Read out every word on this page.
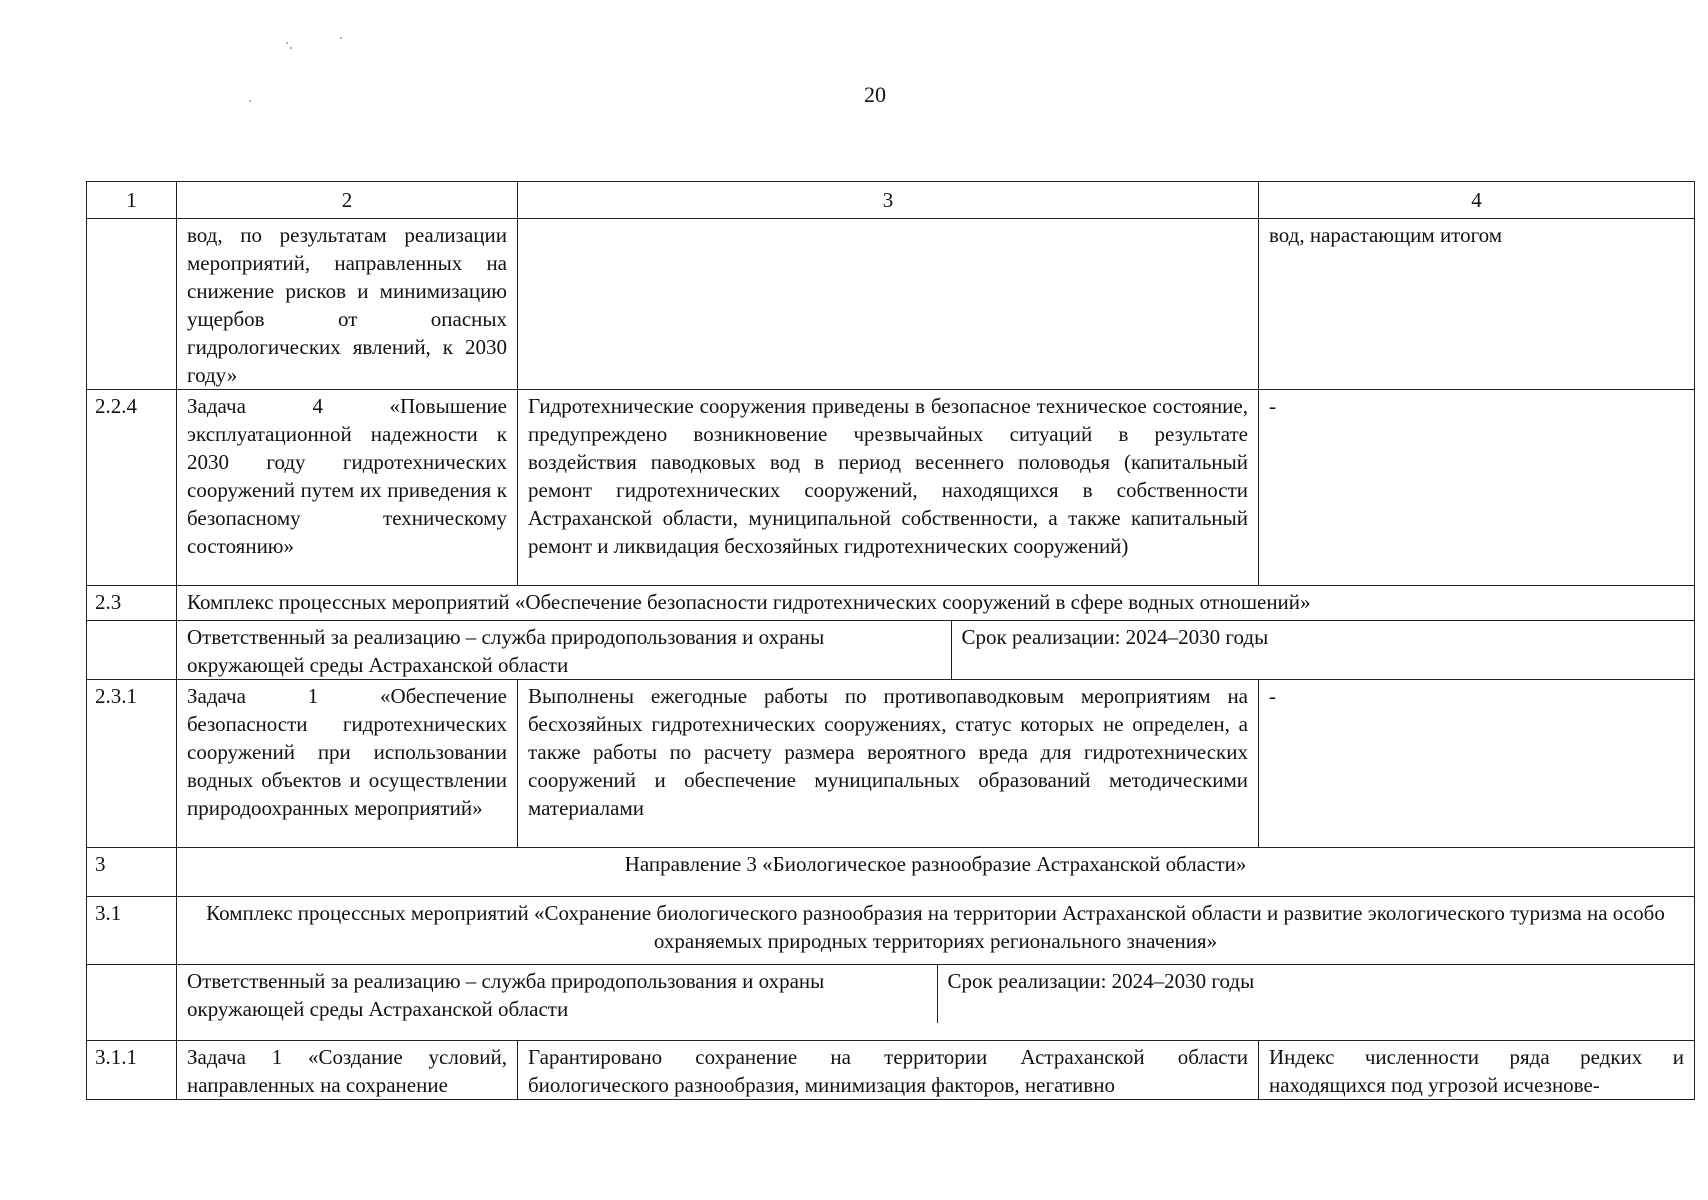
20
1	2	3	4
	вод, по результатам реализации мероприятий, направленных на снижение рисков и минимизацию ущербов от опасных гидрологических явлений, к 2030 году»		вод, нарастающим итогом
2.2.4	Задача 4 «Повышение эксплуатационной надежности к 2030 году гидротехнических сооружений путем их приведения к безопасному техническому состоянию»	Гидротехнические сооружения приведены в безопасное техническое состояние, предупреждено возникновение чрезвычайных ситуаций в результате воздействия паводковых вод в период весеннего половодья (капитальный ремонт гидротехнических сооружений, находящихся в собственности Астраханской области, муниципальной собственности, а также капитальный ремонт и ликвидация бесхозяйных гидротехнических сооружений)	-
2.3	Комплекс процессных мероприятий «Обеспечение безопасности гидротехнических сооружений в сфере водных отношений»

Ответственный за реализацию – служба природопользования и охраны окружающей среды Астраханской области	Срок реализации: 2024–2030 годы

2.3.1	Задача 1 «Обеспечение безопасности гидротехнических сооружений при использовании водных объектов и осуществлении природоохранных мероприятий»	Выполнены ежегодные работы по противопаводковым мероприятиям на бесхозяйных гидротехнических сооружениях, статус которых не определен, а также работы по расчету размера вероятного вреда для гидротехнических сооружений и обеспечение муниципальных образований методическими материалами	-
3	Направление 3 «Биологическое разнообразие Астраханской области»
3.1	Комплекс процессных мероприятий «Сохранение биологического разнообразия на территории Астраханской области и развитие экологического туризма на особо охраняемых природных территориях регионального значения»

Ответственный за реализацию – служба природопользования и охраны окружающей среды Астраханской области	Срок реализации: 2024–2030 годы

3.1.1	Задача 1 «Создание условий, направленных на сохранение	Гарантировано сохранение на территории Астраханской области биологического разнообразия, минимизация факторов, негативно	Индекс численности ряда редких и находящихся под угрозой исчезнове-
